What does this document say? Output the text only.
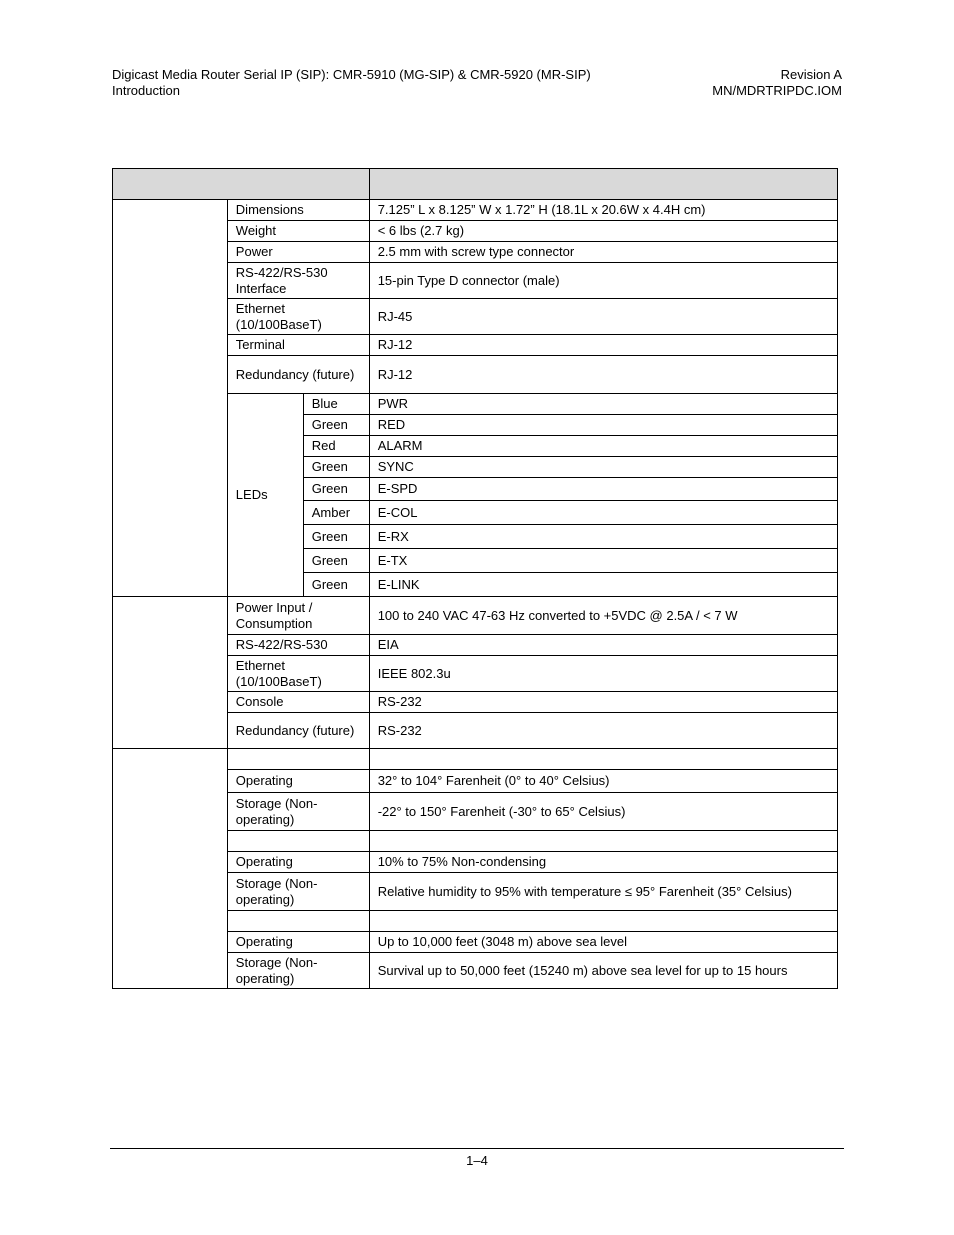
Digicast Media Router Serial IP (SIP): CMR-5910 (MG-SIP) & CMR-5920 (MR-SIP)
Introduction
Revision A
MN/MDRTRIPDC.IOM

	Dimensions		7.125” L x 8.125” W x 1.72” H (18.1L x 20.6W x 4.4H cm)
	Weight		< 6 lbs (2.7 kg)
	Power		2.5 mm with screw type connector
	RS-422/RS-530 Interface		15-pin Type D connector (male)
	Ethernet (10/100BaseT)		RJ-45
	Terminal		RJ-12
	Redundancy (future)		RJ-12
	LEDs	Blue	PWR
		Green	RED
		Red	ALARM
		Green	SYNC
		Green	E-SPD
		Amber	E-COL
		Green	E-RX
		Green	E-TX
		Green	E-LINK
	Power Input / Consumption		100 to 240 VAC 47-63 Hz converted to +5VDC @ 2.5A / < 7 W
	RS-422/RS-530		EIA
	Ethernet (10/100BaseT)		IEEE 802.3u
	Console		RS-232
	Redundancy (future)		RS-232

	Operating		32° to 104° Farenheit (0° to 40° Celsius)
	Storage (Non-operating)		-22° to 150° Farenheit (-30° to 65° Celsius)

	Operating		10% to 75% Non-condensing
	Storage (Non-operating)		Relative humidity to 95% with temperature ≤ 95° Farenheit (35° Celsius)

	Operating		Up to 10,000 feet (3048 m) above sea level
	Storage (Non-operating)		Survival up to 50,000 feet (15240 m) above sea level for up to 15 hours
1–4
